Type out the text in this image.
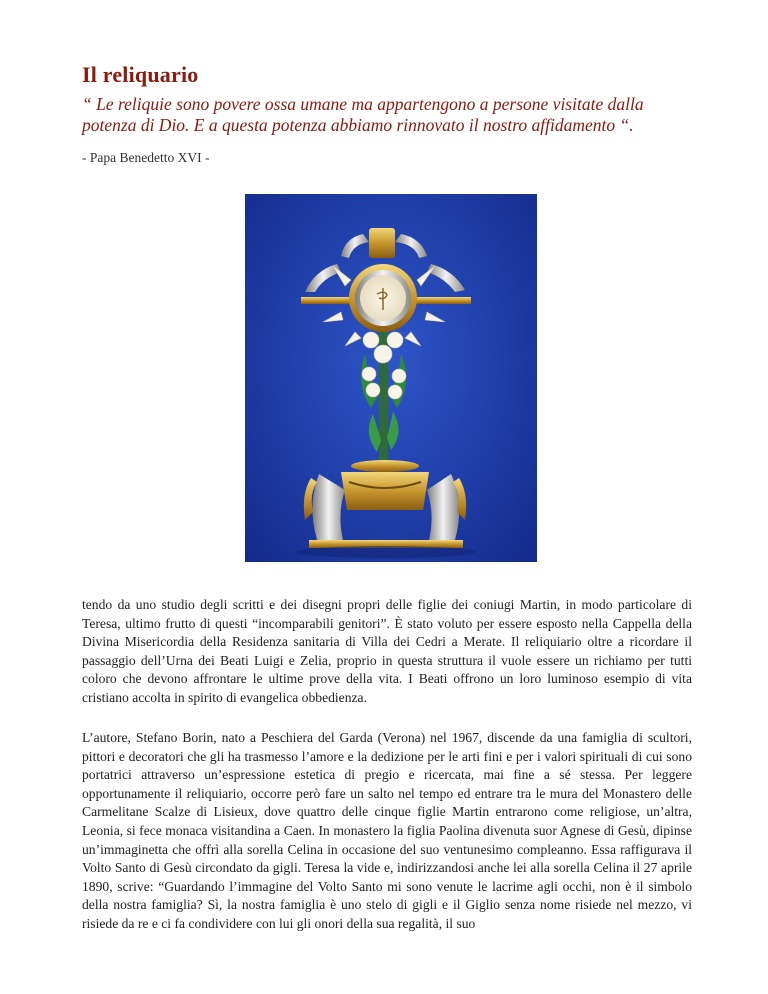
Il reliquario

“ Le reliquie sono povere ossa umane ma appartengono a persone visitate dalla potenza di Dio. E a questa potenza abbiamo rinnovato il nostro affidamento “.

- Papa Benedetto XVI -

tendo da uno studio degli scritti e dei disegni propri delle figlie dei coniugi Martin, in modo particolare di Teresa, ultimo frutto di questi “incomparabili genitori”. È stato voluto per essere esposto nella Cappella della Divina Misericordia della Residenza sanitaria di Villa dei Cedri a Merate. Il reliquiario oltre a ricordare il passaggio dell’Urna dei Beati Luigi e Zelia, proprio in questa struttura il vuole essere un richiamo per tutti coloro che devono affrontare le ultime prove della vita. I Beati offrono un loro luminoso esempio di vita cristiano accolta in spirito di evangelica obbedienza.

L’autore, Stefano Borin, nato a Peschiera del Garda (Verona) nel 1967, discende da una famiglia di scultori, pittori e decoratori che gli ha trasmesso l’amore e la dedizione per le arti fini e per i valori spirituali di cui sono portatrici attraverso un’espressione estetica di pregio e ricercata, mai fine a sé stessa. Per leggere opportunamente il reliquiario, occorre però fare un salto nel tempo ed entrare tra le mura del Monastero delle Carmelitane Scalze di Lisieux, dove quattro delle cinque figlie Martin entrarono come religiose, un’altra, Leonia, si fece monaca visitandina a Caen. In monastero la figlia Paolina divenuta suor Agnese di Gesù, dipinse un’immaginetta che offrì alla sorella Celina in occasione del suo ventunesimo compleanno. Essa raffigurava il Volto Santo di Gesù circondato da gigli. Teresa la vide e, indirizzandosi anche lei alla sorella Celina il 27 aprile 1890, scrive: “Guardando l’immagine del Volto Santo mi sono venute le lacrime agli occhi, non è il simbolo della nostra famiglia? Sì, la nostra famiglia è uno stelo di gigli e il Giglio senza nome risiede nel mezzo, vi risiede da re e ci fa condividere con lui gli onori della sua regalità, il suo
